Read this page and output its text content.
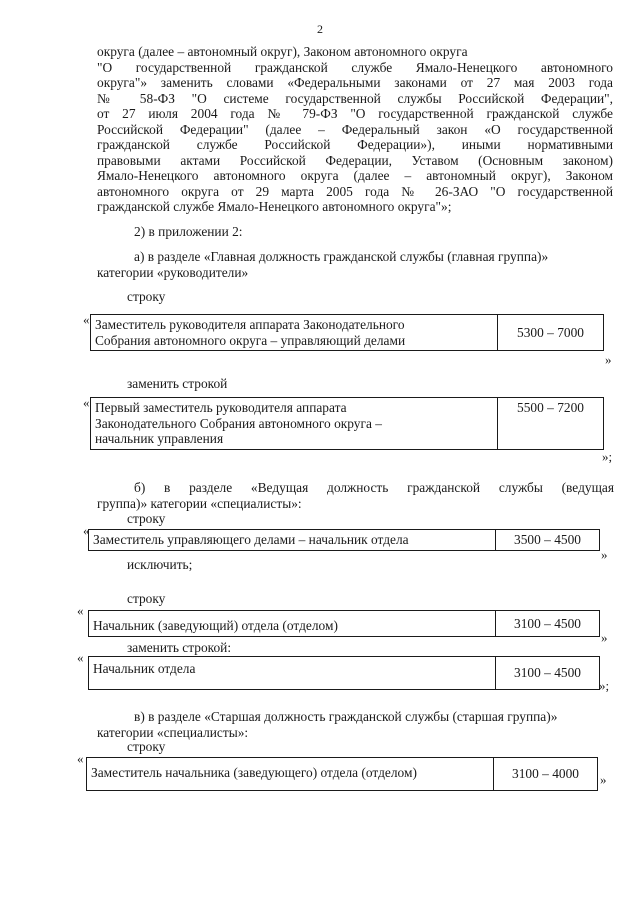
2
округа (далее – автономный округ), Законом автономного округа
"О государственной гражданской службе Ямало-Ненецкого автономного
округа"» заменить словами «Федеральными законами от 27 мая 2003 года
№ 58-ФЗ "О системе государственной службы Российской Федерации",
от 27 июля 2004 года № 79-ФЗ "О государственной гражданской службе
Российской Федерации" (далее – Федеральный закон «О государственной
гражданской службе Российской Федерации»), иными нормативными
правовыми актами Российской Федерации, Уставом (Основным законом)
Ямало-Ненецкого автономного округа (далее – автономный округ), Законом
автономного округа от 29 марта 2005 года № 26-ЗАО "О государственной
гражданской службе Ямало-Ненецкого автономного округа"»;
2) в приложении 2:
а) в разделе «Главная должность гражданской службы (главная группа)»
категории «руководители»
строку
« Заместитель руководителя аппарата Законодательного
Собрания автономного округа – управляющий делами
	5300 – 7000
»
заменить строкой
« Первый заместитель руководителя аппарата
Законодательного Собрания автономного округа –
начальник управления
	5500 – 7200
»;
б) в разделе «Ведущая должность гражданской службы (ведущая
группа)» категории «специалисты»:
строку
«
Заместитель управляющего делами – начальник отдела	3500 – 4500
»
исключить;
строку
«
Начальник (заведующий) отдела (отделом)	3100 – 4500
»
заменить строкой:
«
Начальник отдела	3100 – 4500
»;
в) в разделе «Старшая должность гражданской службы (старшая группа)»
категории «специалисты»:
строку
«
Заместитель начальника (заведующего) отдела (отделом)	3100 – 4000 »
